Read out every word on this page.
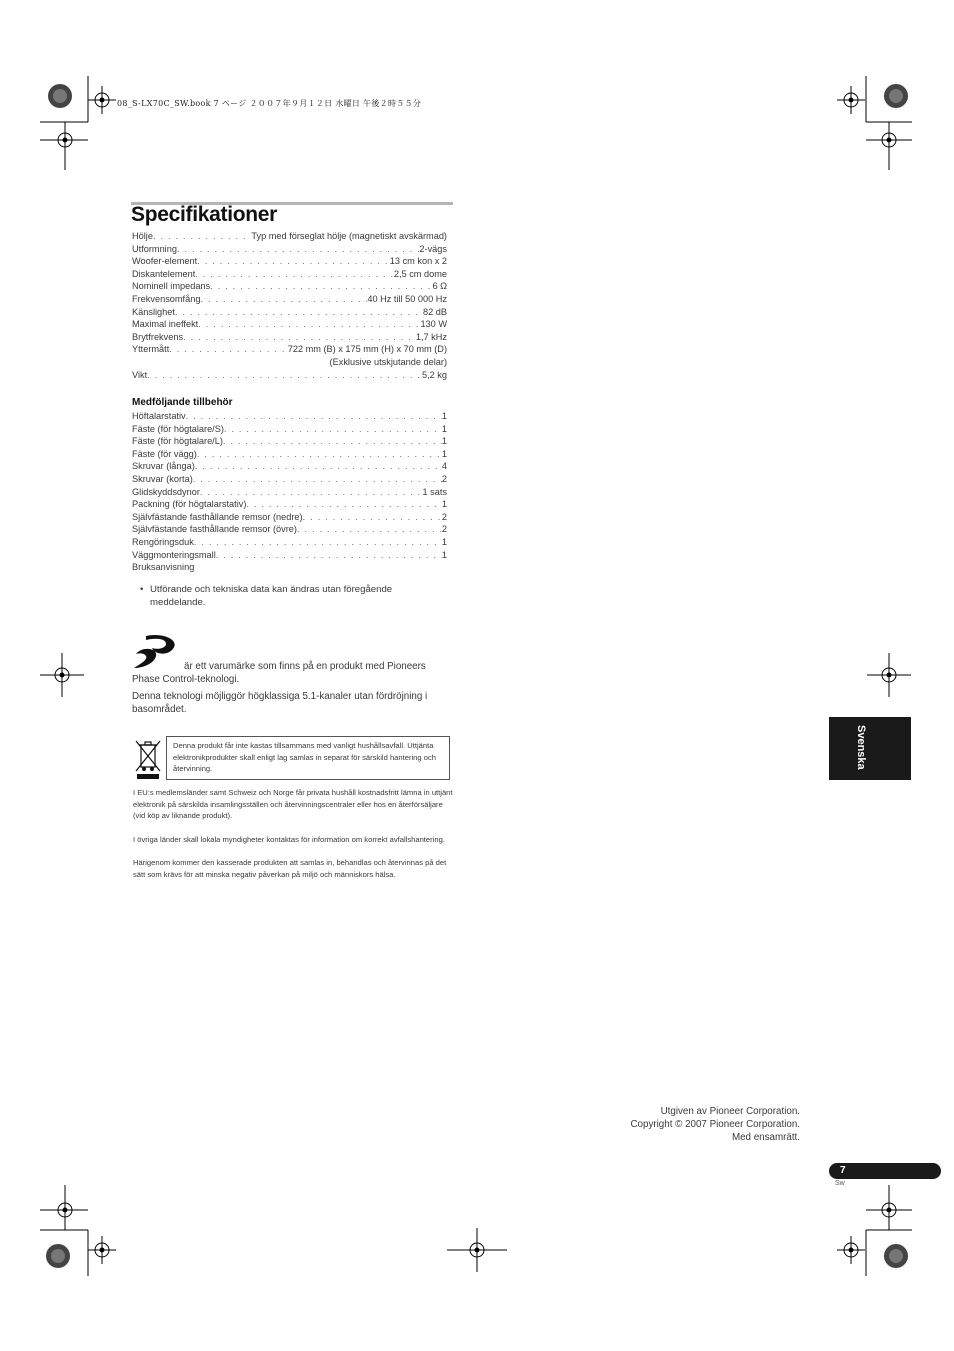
08_S-LX70C_SW.book 7 ページ ２００７年９月１２日 水曜日 午後２時５５分
Specifikationer
Hölje . . .	Typ med förseglat hölje (magnetiskt avskärmad)
Utformning . . .	2-vägs
Woofer-element . . .	13 cm kon x 2
Diskantelement . . .	2,5 cm dome
Nominell impedans . . .	6 Ω
Frekvensomfång . . .	40 Hz till 50 000 Hz
Känslighet . . .	82 dB
Maximal ineffekt . . .	130 W
Brytfrekvens . . .	1,7 kHz
Yttermått . . .	722 mm (B) x 175 mm (H) x 70 mm (D)
(Exklusive utskjutande delar)
Vikt . . .	5,2 kg
Medföljande tillbehör
Höftalarstativ . . .	1
Fäste (för högtalare/S) . . .	1
Fäste (för högtalare/L) . . .	1
Fäste (för vägg) . . .	1
Skruvar (långa) . . .	4
Skruvar (korta) . . .	2
Glidskyddsdynor . . .	1 sats
Packning (för högtalarstativ) . . .	1
Självfästande fasthållande remsor (nedre) . . .	2
Självfästande fasthållande remsor (övre) . . .	2
Rengöringsduk . . .	1
Väggmonteringsmall . . .	1
Bruksanvisning
• Utförande och tekniska data kan ändras utan föregående meddelande.
är ett varumärke som finns på en produkt med Pioneers
Phase Control-teknologi.
Denna teknologi möjliggör högklassiga 5.1-kanaler utan fördröjning i basområdet.
Denna produkt får inte kastas tillsammans med vanligt hushållsavfall. Uttjänta elektronikprodukter skall enligt lag samlas in separat för särskild hantering och återvinning.

I EU:s medlemsländer samt Schweiz och Norge får privata hushåll kostnadsfritt lämna in uttjänt elektronik på särskilda insamlingsställen och återvinningscentraler eller hos en återförsäljare (vid köp av liknande produkt).

I övriga länder skall lokala myndigheter kontaktas för information om korrekt avfallshantering.

Härigenom kommer den kasserade produkten att samlas in, behandlas och återvinnas på det sätt som krävs för att minska negativ påverkan på miljö och människors hälsa.

Svenska
Utgiven av Pioneer Corporation.
Copyright © 2007 Pioneer Corporation.
Med ensamrätt.
7
Sw
